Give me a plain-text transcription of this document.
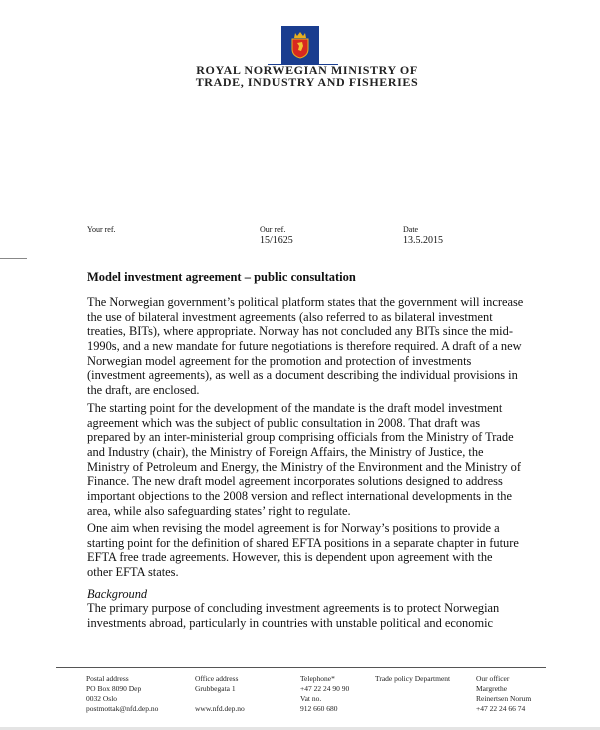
ROYAL NORWEGIAN MINISTRY OF
TRADE, INDUSTRY AND FISHERIES
Your ref.	Our ref.
15/1625
Date
13.5.2015
Model investment agreement – public consultation
The Norwegian government’s political platform states that the government will increase
the use of bilateral investment agreements (also referred to as bilateral investment
treaties, BITs), where appropriate. Norway has not concluded any BITs since the mid-
1990s, and a new mandate for future negotiations is therefore required. A draft of a new
Norwegian model agreement for the promotion and protection of investments
(investment agreements), as well as a document describing the individual provisions in
the draft, are enclosed.
The starting point for the development of the mandate is the draft model investment
agreement which was the subject of public consultation in 2008. That draft was
prepared by an inter-ministerial group comprising officials from the Ministry of Trade
and Industry (chair), the Ministry of Foreign Affairs, the Ministry of Justice, the
Ministry of Petroleum and Energy, the Ministry of the Environment and the Ministry of
Finance. The new draft model agreement incorporates solutions designed to address
important objections to the 2008 version and reflect international developments in the
area, while also safeguarding states’ right to regulate.
One aim when revising the model agreement is for Norway’s positions to provide a
starting point for the definition of shared EFTA positions in a separate chapter in future
EFTA free trade agreements. However, this is dependent upon agreement with the
other EFTA states.
Background
The primary purpose of concluding investment agreements is to protect Norwegian
investments abroad, particularly in countries with unstable political and economic
Postal address
PO Box 8090 Dep
0032 Oslo
postmottak@nfd.dep.no
Office address
Grubbegata 1

www.nfd.dep.no
Telephone*
+47 22 24 90 90
Vat no.
912 660 680
Trade policy Department	Our officer
Margrethe
Reinertsen Norum
+47 22 24 66 74
